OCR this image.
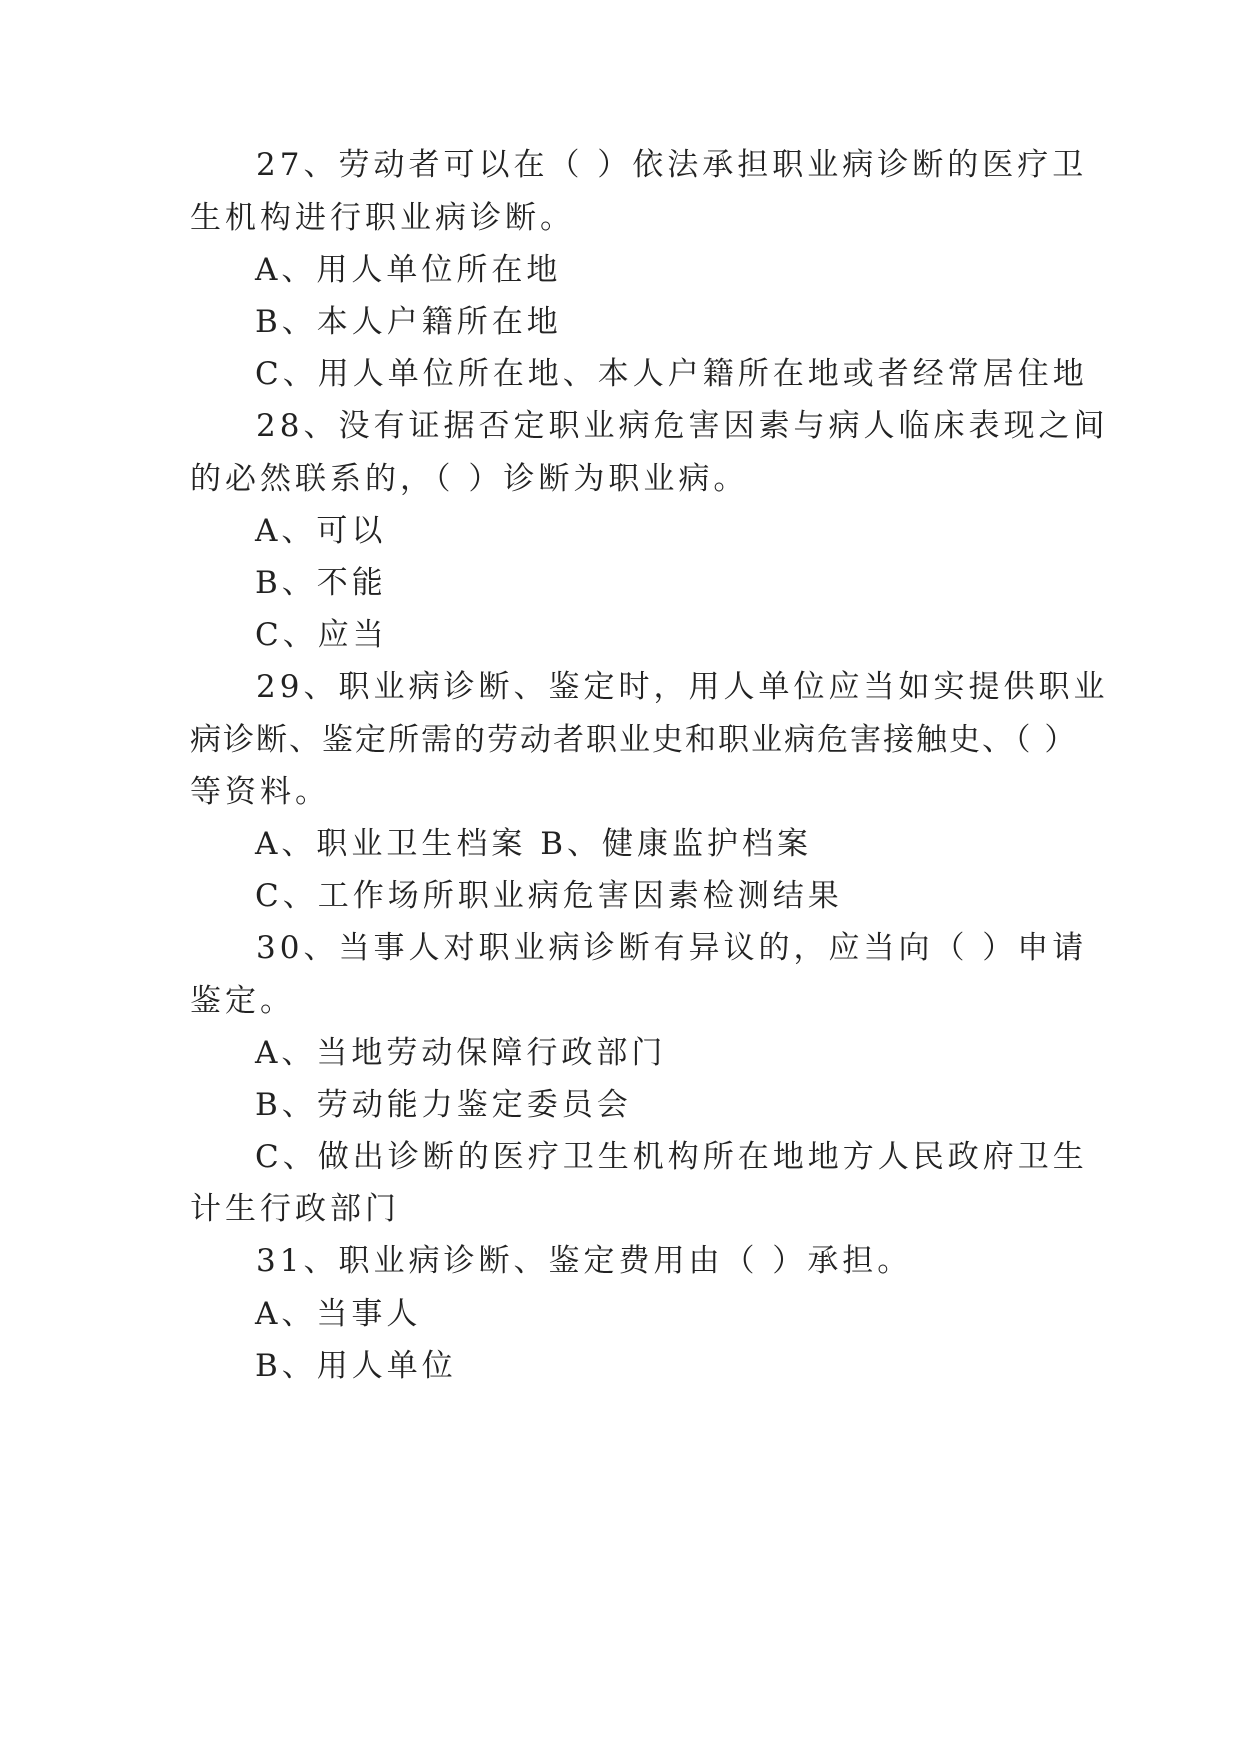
27、劳动者可以在（ ）依法承担职业病诊断的医疗卫
生机构进行职业病诊断。
A、用人单位所在地
B、本人户籍所在地
C、用人单位所在地、本人户籍所在地或者经常居住地
28、没有证据否定职业病危害因素与病人临床表现之间
的必然联系的，（ ）诊断为职业病。
A、可以
B、不能
C、应当
29、职业病诊断、鉴定时，用人单位应当如实提供职业
病诊断、鉴定所需的劳动者职业史和职业病危害接触史、（ ）
等资料。
A、职业卫生档案 B、健康监护档案
C、工作场所职业病危害因素检测结果
30、当事人对职业病诊断有异议的，应当向（ ）申请
鉴定。
A、当地劳动保障行政部门
B、劳动能力鉴定委员会
C、做出诊断的医疗卫生机构所在地地方人民政府卫生
计生行政部门
31、职业病诊断、鉴定费用由（ ）承担。
A、当事人
B、用人单位
